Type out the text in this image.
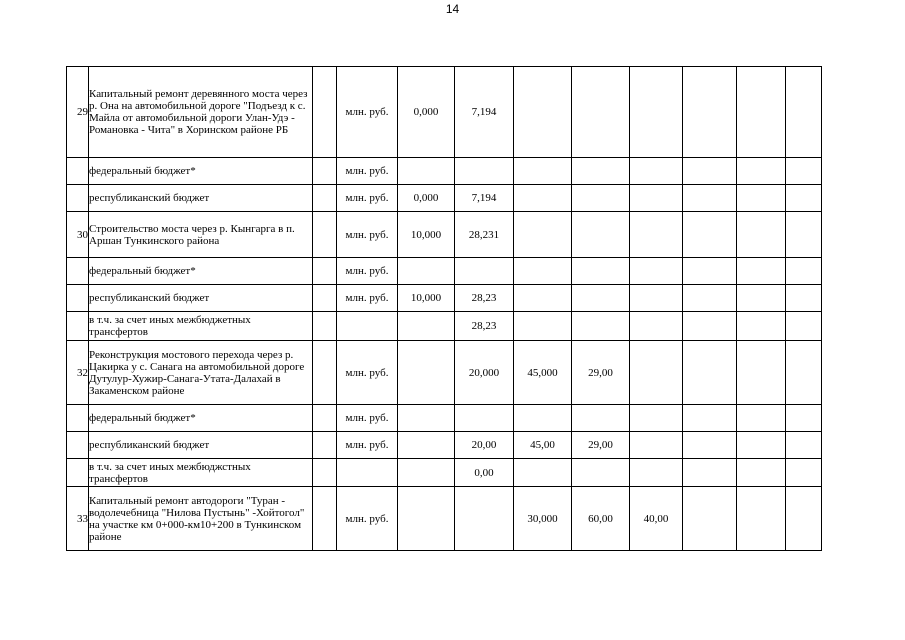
14
29	Капитальный ремонт деревянного моста через р. Она на автомобильной дороге "Подъезд к с. Майла от автомобильной дороги Улан-Удэ - Романовка - Чита" в Хоринском районе РБ		млн. руб.	0,000	7,194						
	федеральный бюджет*		млн. руб.								
	республиканский бюджет		млн. руб.	0,000	7,194						
30	Строительство моста через р. Кынгарга в п. Аршан Тункинского района		млн. руб.	10,000	28,231						
	федеральный бюджет*		млн. руб.								
	республиканский бюджет		млн. руб.	10,000	28,23						
	в т.ч. за счет иных межбюджетных трансфертов				28,23						
32	Реконструкция мостового перехода через р. Цакирка у с. Санага на автомобильной дороге Дутулур-Хужир-Санага-Утата-Далахай в Закаменском районе		млн. руб.		20,000	45,000	29,00				
	федеральный бюджет*		млн. руб.								
	республиканский бюджет		млн. руб.		20,00	45,00	29,00				
	в т.ч. за счет иных межбюджстных трансфертов				0,00						
33	Капитальный ремонт автодороги "Туран - водолечебница "Нилова Пустынь" -Хойтогол" на участке км 0+000-км10+200 в Тункинском районе		млн. руб.			30,000	60,00	40,00			
